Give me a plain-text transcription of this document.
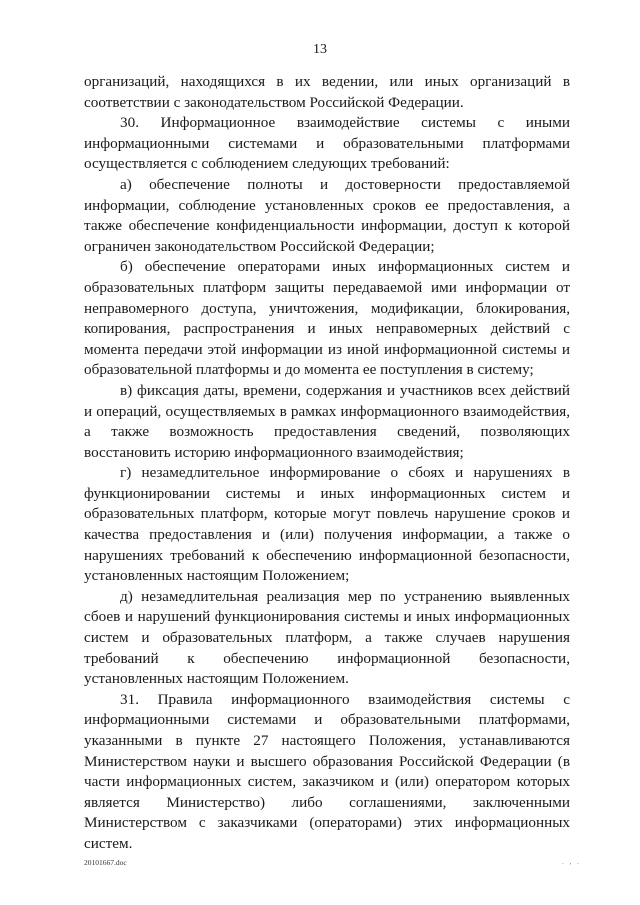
13

организаций, находящихся в их ведении, или иных организаций в соответствии с законодательством Российской Федерации.

30. Информационное взаимодействие системы с иными информационными системами и образовательными платформами осуществляется с соблюдением следующих требований:

а) обеспечение полноты и достоверности предоставляемой информации, соблюдение установленных сроков ее предоставления, а также обеспечение конфиденциальности информации, доступ к которой ограничен законодательством Российской Федерации;

б) обеспечение операторами иных информационных систем и образовательных платформ защиты передаваемой ими информации от неправомерного доступа, уничтожения, модификации, блокирования, копирования, распространения и иных неправомерных действий с момента передачи этой информации из иной информационной системы и образовательной платформы и до момента ее поступления в систему;

в) фиксация даты, времени, содержания и участников всех действий и операций, осуществляемых в рамках информационного взаимодействия, а также возможность предоставления сведений, позволяющих восстановить историю информационного взаимодействия;

г) незамедлительное информирование о сбоях и нарушениях в функционировании системы и иных информационных систем и образовательных платформ, которые могут повлечь нарушение сроков и качества предоставления и (или) получения информации, а также о нарушениях требований к обеспечению информационной безопасности, установленных настоящим Положением;

д) незамедлительная реализация мер по устранению выявленных сбоев и нарушений функционирования системы и иных информационных систем и образовательных платформ, а также случаев нарушения требований к обеспечению информационной безопасности, установленных настоящим Положением.

31. Правила информационного взаимодействия системы с информационными системами и образовательными платформами, указанными в пункте 27 настоящего Положения, устанавливаются Министерством науки и высшего образования Российской Федерации (в части информационных систем, заказчиком и (или) оператором которых является Министерство) либо соглашениями, заключенными Министерством с заказчиками (операторами) этих информационных систем.

20101667.doc	. , .
